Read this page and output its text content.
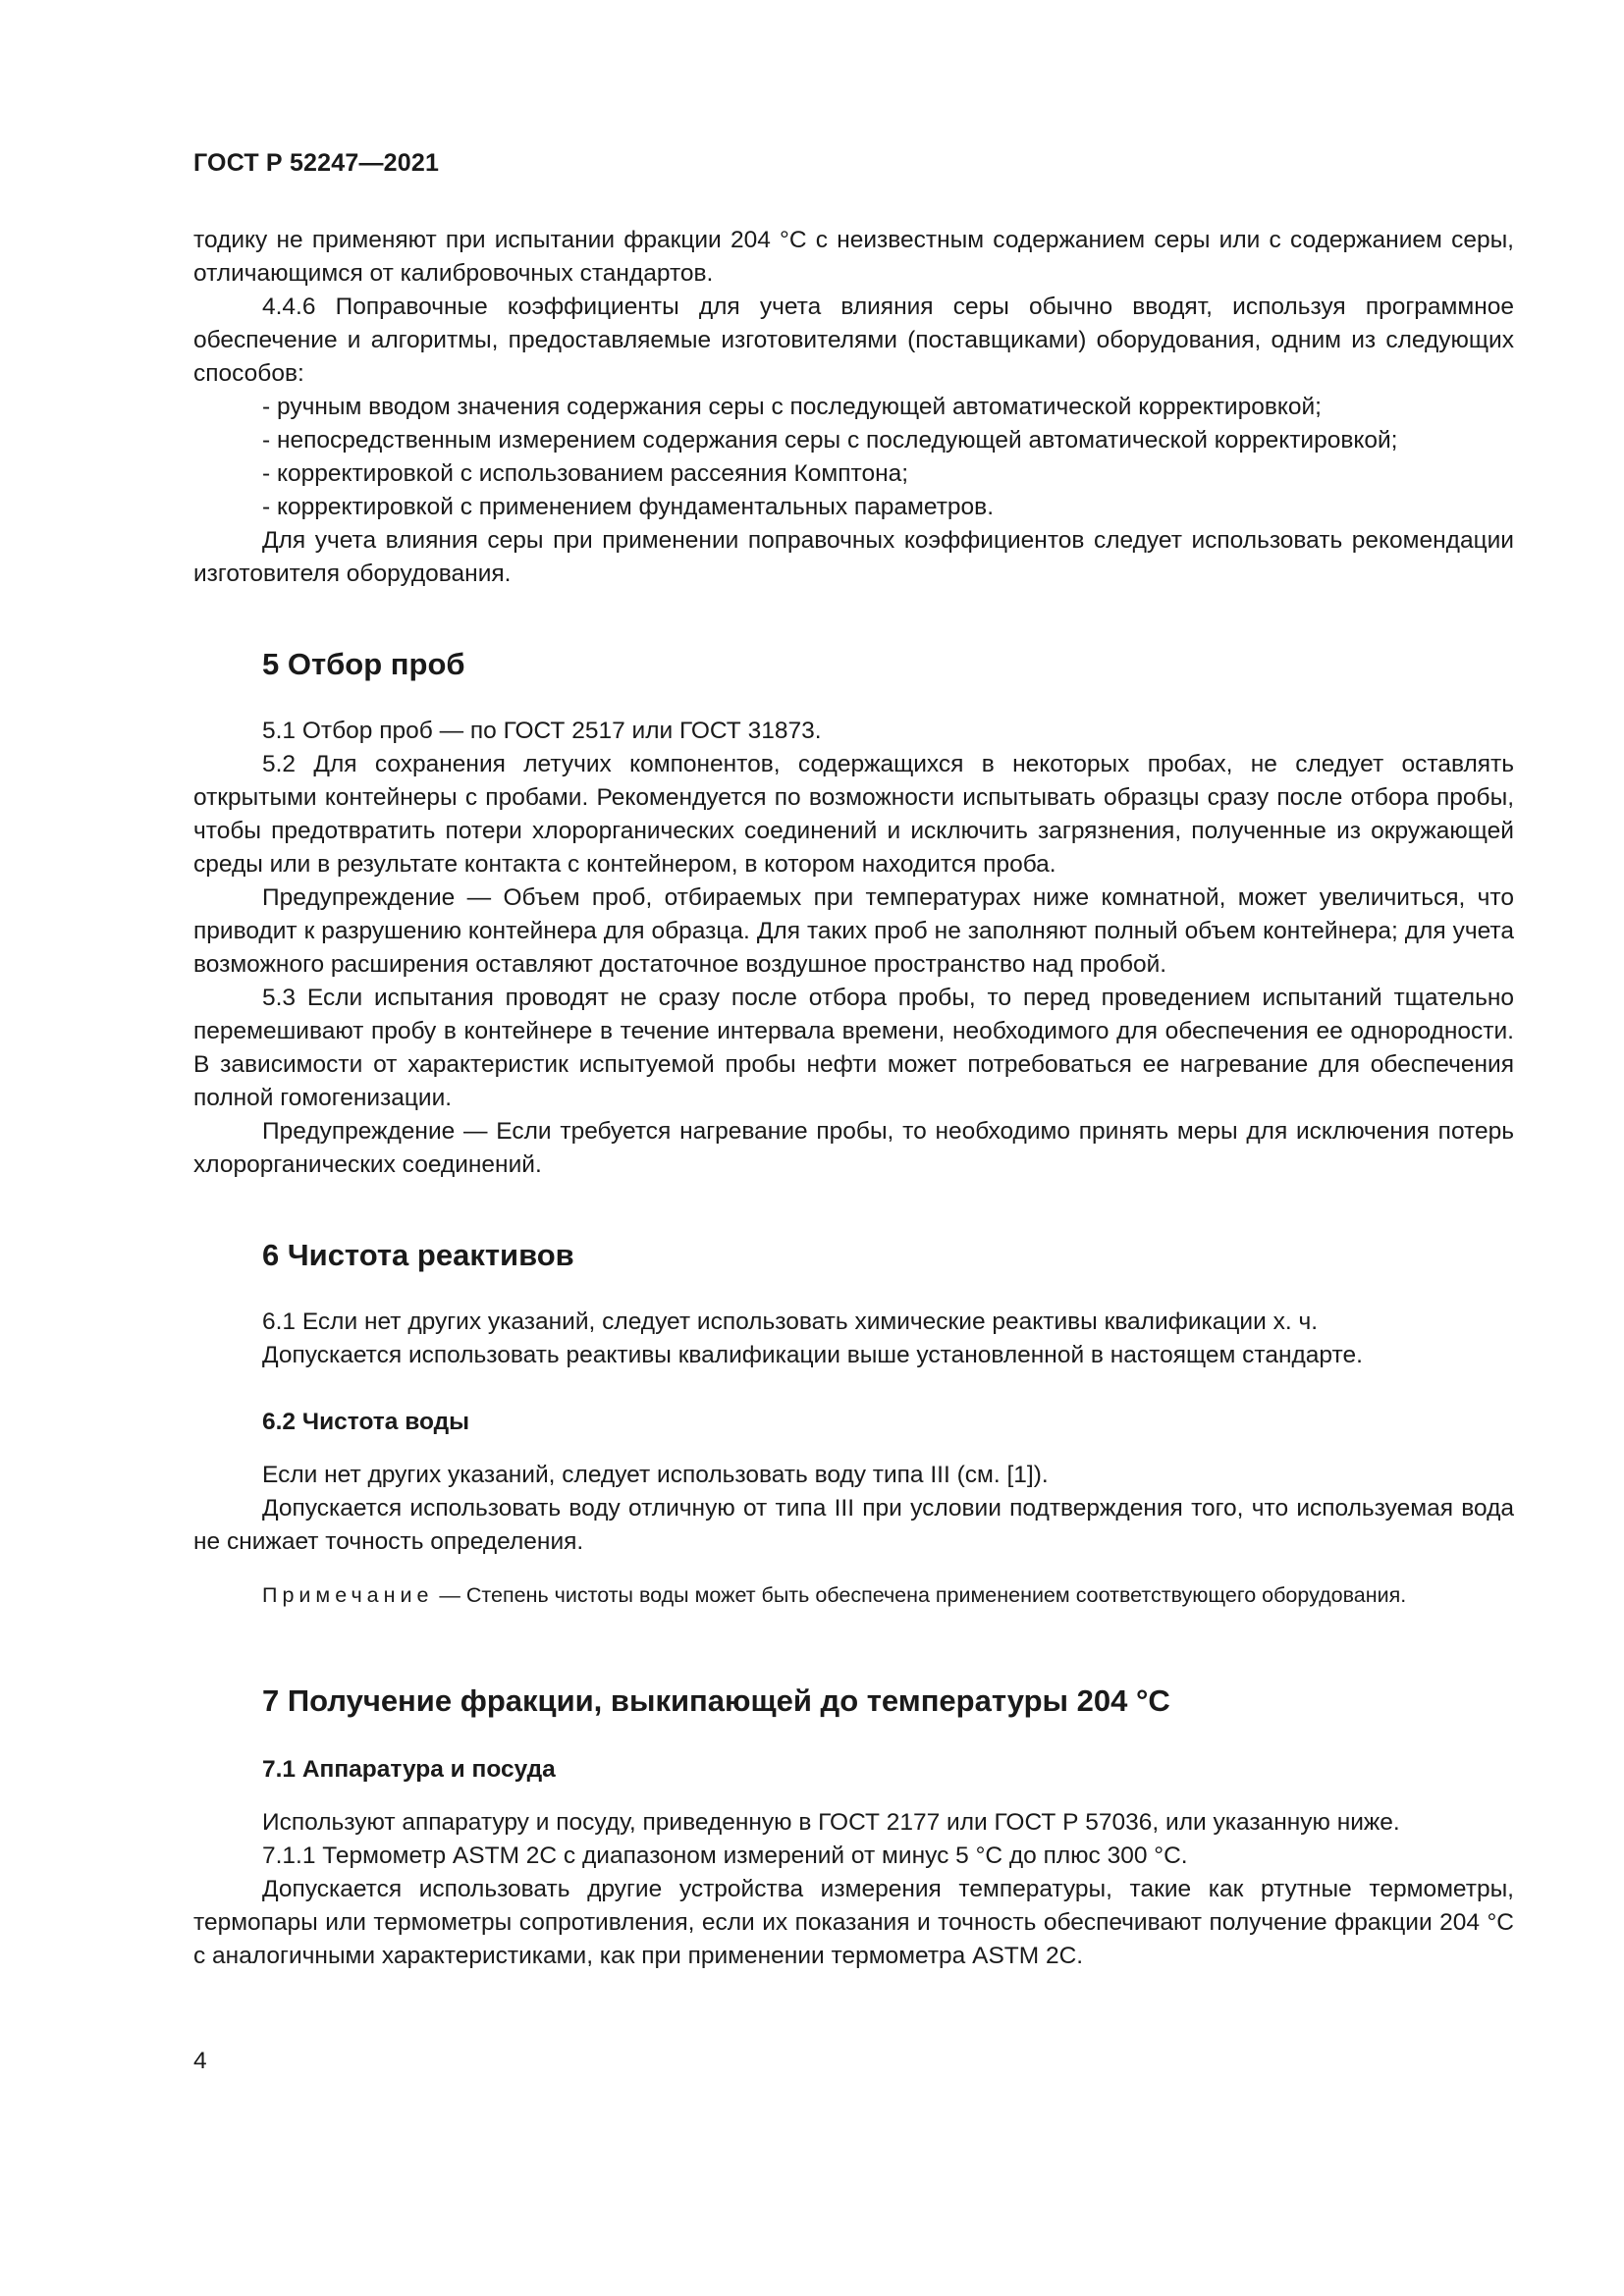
ГОСТ Р 52247—2021

тодику не применяют при испытании фракции 204 °С с неизвестным содержанием серы или с содержанием серы, отличающимся от калибровочных стандартов.

4.4.6 Поправочные коэффициенты для учета влияния серы обычно вводят, используя программное обеспечение и алгоритмы, предоставляемые изготовителями (поставщиками) оборудования, одним из следующих способов:

- ручным вводом значения содержания серы с последующей автоматической корректировкой;

- непосредственным измерением содержания серы с последующей автоматической корректировкой;

- корректировкой с использованием рассеяния Комптона;

- корректировкой с применением фундаментальных параметров.

Для учета влияния серы при применении поправочных коэффициентов следует использовать рекомендации изготовителя оборудования.

5 Отбор проб

5.1 Отбор проб — по ГОСТ 2517 или ГОСТ 31873.

5.2 Для сохранения летучих компонентов, содержащихся в некоторых пробах, не следует оставлять открытыми контейнеры с пробами. Рекомендуется по возможности испытывать образцы сразу после отбора пробы, чтобы предотвратить потери хлорорганических соединений и исключить загрязнения, полученные из окружающей среды или в результате контакта с контейнером, в котором находится проба.

Предупреждение — Объем проб, отбираемых при температурах ниже комнатной, может увеличиться, что приводит к разрушению контейнера для образца. Для таких проб не заполняют полный объем контейнера; для учета возможного расширения оставляют достаточное воздушное пространство над пробой.

5.3 Если испытания проводят не сразу после отбора пробы, то перед проведением испытаний тщательно перемешивают пробу в контейнере в течение интервала времени, необходимого для обеспечения ее однородности. В зависимости от характеристик испытуемой пробы нефти может потребоваться ее нагревание для обеспечения полной гомогенизации.

Предупреждение — Если требуется нагревание пробы, то необходимо принять меры для исключения потерь хлорорганических соединений.

6 Чистота реактивов

6.1 Если нет других указаний, следует использовать химические реактивы квалификации х. ч.

Допускается использовать реактивы квалификации выше установленной в настоящем стандарте.

6.2 Чистота воды

Если нет других указаний, следует использовать воду типа III (см. [1]).

Допускается использовать воду отличную от типа III при условии подтверждения того, что используемая вода не снижает точность определения.

Примечание — Степень чистоты воды может быть обеспечена применением соответствующего оборудования.
7 Получение фракции, выкипающей до температуры 204 °С
7.1 Аппаратура и посуда

Используют аппаратуру и посуду, приведенную в ГОСТ 2177 или ГОСТ Р 57036, или указанную ниже.

7.1.1 Термометр ASTM 2C с диапазоном измерений от минус 5 °С до плюс 300 °С.

Допускается использовать другие устройства измерения температуры, такие как ртутные термометры, термопары или термометры сопротивления, если их показания и точность обеспечивают получение фракции 204 °С с аналогичными характеристиками, как при применении термометра ASTM 2C.

4
